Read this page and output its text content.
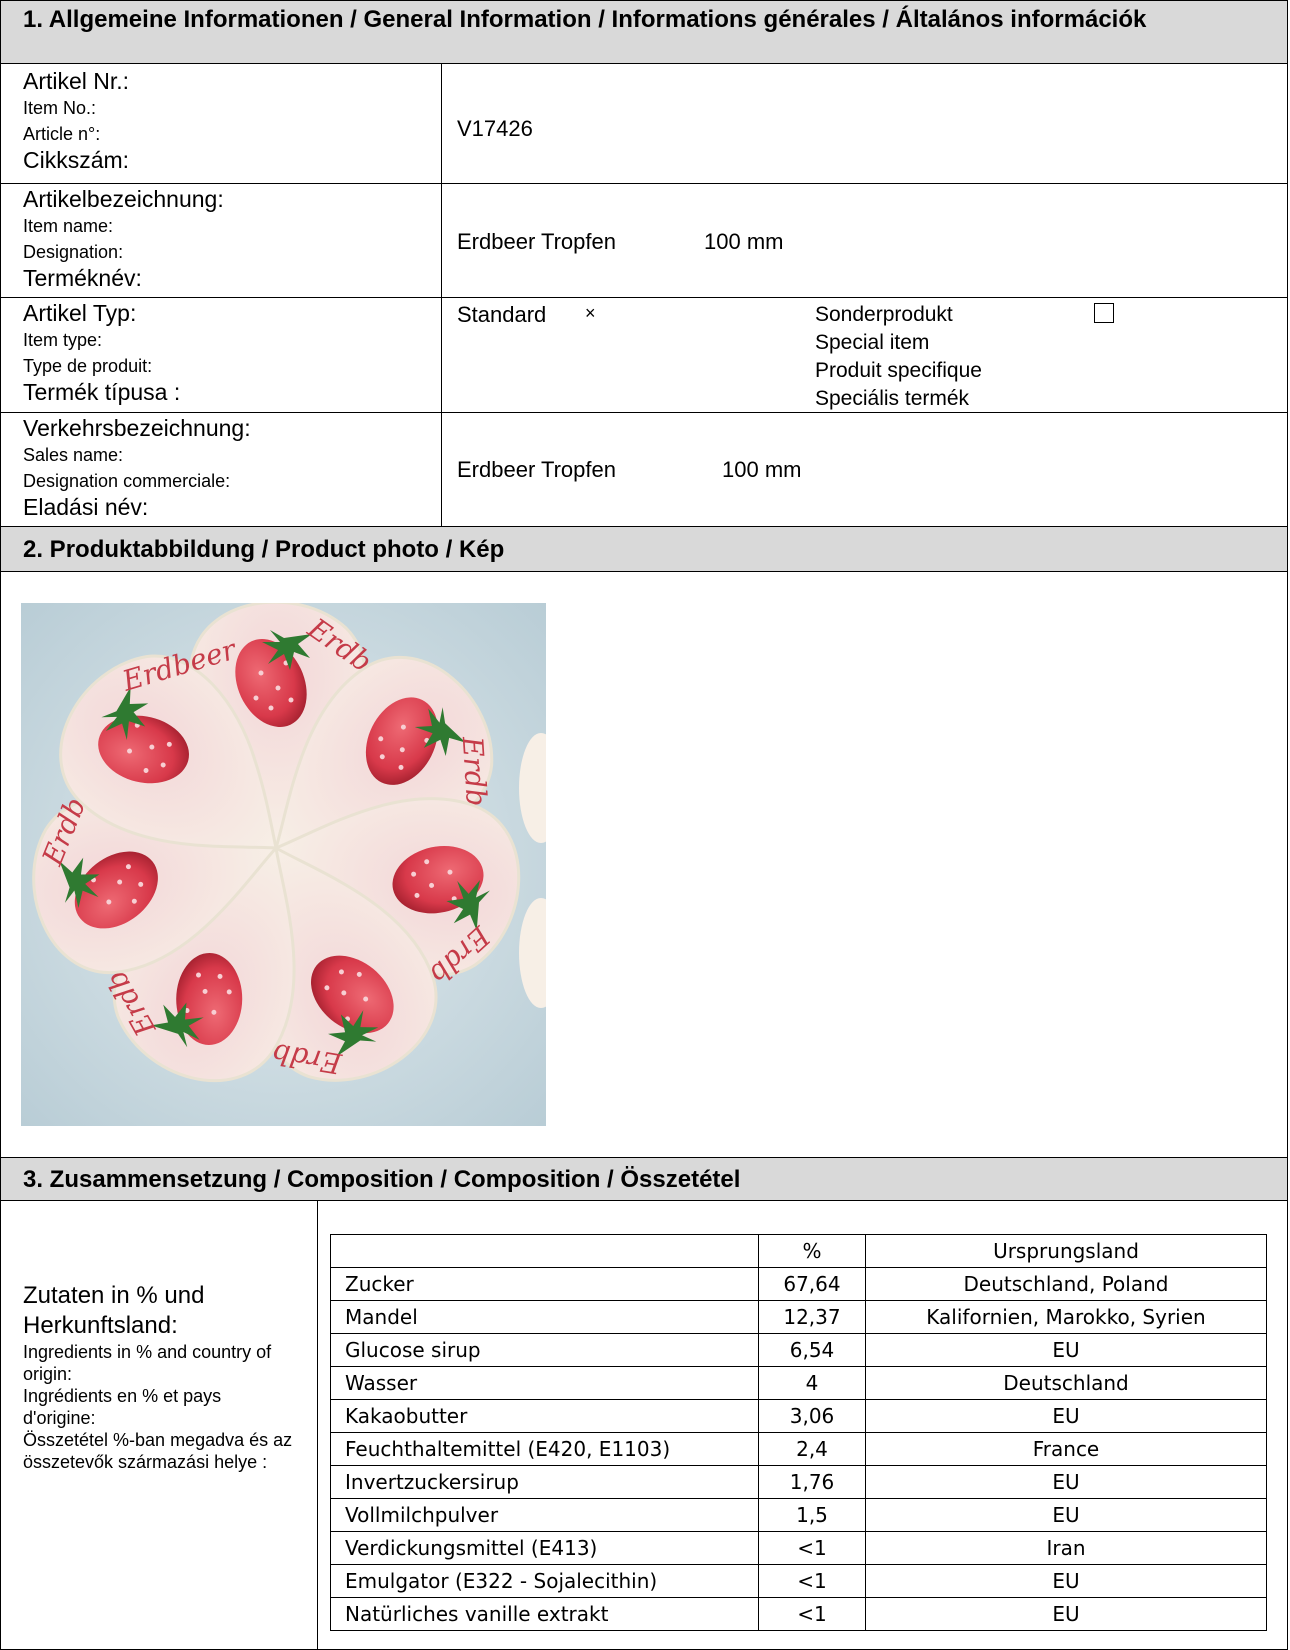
1. Allgemeine Informationen / General Information / Informations générales / Általános információk
Artikel Nr.:
Item No.:
Article n°:
Cikkszám:
V17426
Artikelbezeichnung:
Item name:
Designation:
Terméknév:
Erdbeer Tropfen	100 mm
Artikel Typ:
Item type:
Type de produit:
Termék típusa :
Standard ×	Sonderprodukt
Special item
Produit specifique
Speciális termék
Verkehrsbezeichnung:
Sales name:
Designation commerciale:
Eladási név:
Erdbeer Tropfen	100 mm
2. Produktabbildung / Product photo / Kép
3. Zusammensetzung / Composition / Composition / Összetétel
Zutaten in % und Herkunftsland:
Ingredients in % and country of origin:
Ingrédients en % et pays d'origine:
Összetétel %-ban megadva és az összetevők származási helye :
	%	Ursprungsland
Zucker	67,64	Deutschland, Poland
Mandel	12,37	Kalifornien, Marokko, Syrien
Glucose sirup	6,54	EU
Wasser	4	Deutschland
Kakaobutter	3,06	EU
Feuchthaltemittel (E420, E1103)	2,4	France
Invertzuckersirup	1,76	EU
Vollmilchpulver	1,5	EU
Verdickungsmittel (E413)	<1	Iran
Emulgator (E322 - Sojalecithin)	<1	EU
Natürliches vanille extrakt	<1	EU
